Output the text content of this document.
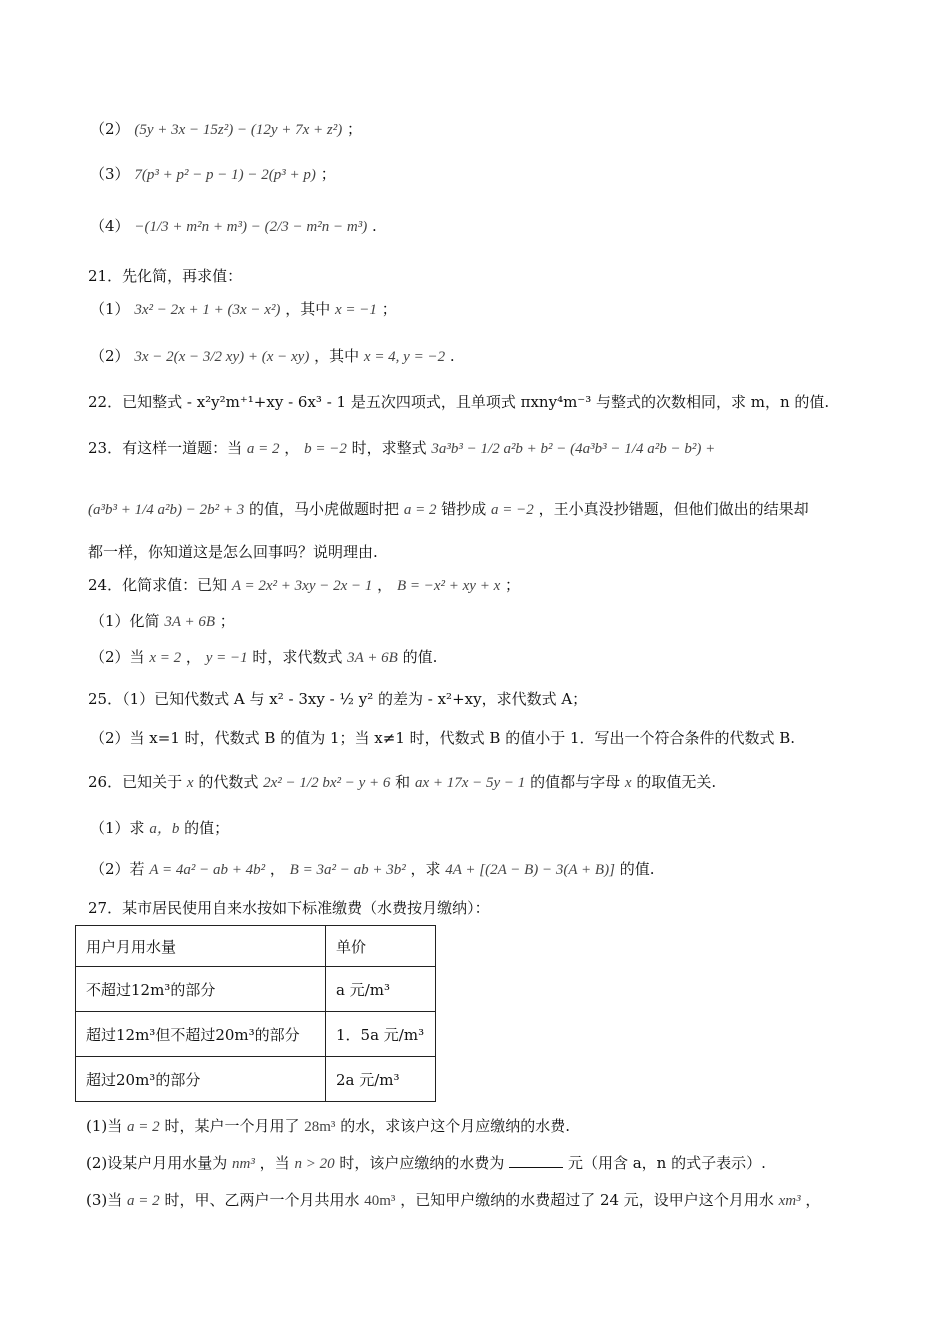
（2） (5y + 3x − 15z²) − (12y + 7x + z²) ；
（3） 7(p³ + p² − p − 1) − 2(p³ + p) ；
（4） −(1/3 + m²n + m³) − (2/3 − m²n − m³) .
21．先化简，再求值：
（1） 3x² − 2x + 1 + (3x − x²) ，其中 x = −1 ；
（2） 3x − 2(x − 3/2 xy) + (x − xy) ，其中 x = 4, y = −2 .
22．已知整式 - x²y²m⁺¹+xy - 6x³ - 1 是五次四项式，且单项式 πxny⁴m⁻³ 与整式的次数相同，求 m，n 的值.
23．有这样一道题：当 a = 2 ， b = −2 时，求整式 3a³b³ − 1/2 a²b + b² − (4a³b³ − 1/4 a²b − b²) +
(a³b³ + 1/4 a²b) − 2b² + 3 的值，马小虎做题时把 a = 2 错抄成 a = −2 ，王小真没抄错题，但他们做出的结果却
都一样，你知道这是怎么回事吗？说明理由.
24．化简求值：已知 A = 2x² + 3xy − 2x − 1 ， B = −x² + xy + x ；
（1）化简 3A + 6B ；
（2）当 x = 2 ， y = −1 时，求代数式 3A + 6B 的值.
25．（1）已知代数式 A 与 x² - 3xy - ½ y² 的差为 - x²+xy，求代数式 A；
（2）当 x=1 时，代数式 B 的值为 1；当 x≠1 时，代数式 B 的值小于 1．写出一个符合条件的代数式 B.
26．已知关于 x 的代数式 2x² − 1/2 bx² − y + 6 和 ax + 17x − 5y − 1 的值都与字母 x 的取值无关.
（1）求 a，b 的值；
（2）若 A = 4a² − ab + 4b² ， B = 3a² − ab + 3b² ，求 4A + [(2A − B) − 3(A + B)] 的值.
27．某市居民使用自来水按如下标准缴费（水费按月缴纳）：
用户月用水量	单价
不超过12m³的部分	a 元/m³
超过12m³但不超过20m³的部分	1．5a 元/m³
超过20m³的部分	2a 元/m³
(1)当 a = 2 时，某户一个月用了 28m³ 的水，求该户这个月应缴纳的水费.
(2)设某户月用水量为 nm³ ，当 n > 20 时，该户应缴纳的水费为	元（用含 a，n 的式子表示）.
(3)当 a = 2 时，甲、乙两户一个月共用水 40m³ ，已知甲户缴纳的水费超过了 24 元，设甲户这个月用水 xm³ ，
